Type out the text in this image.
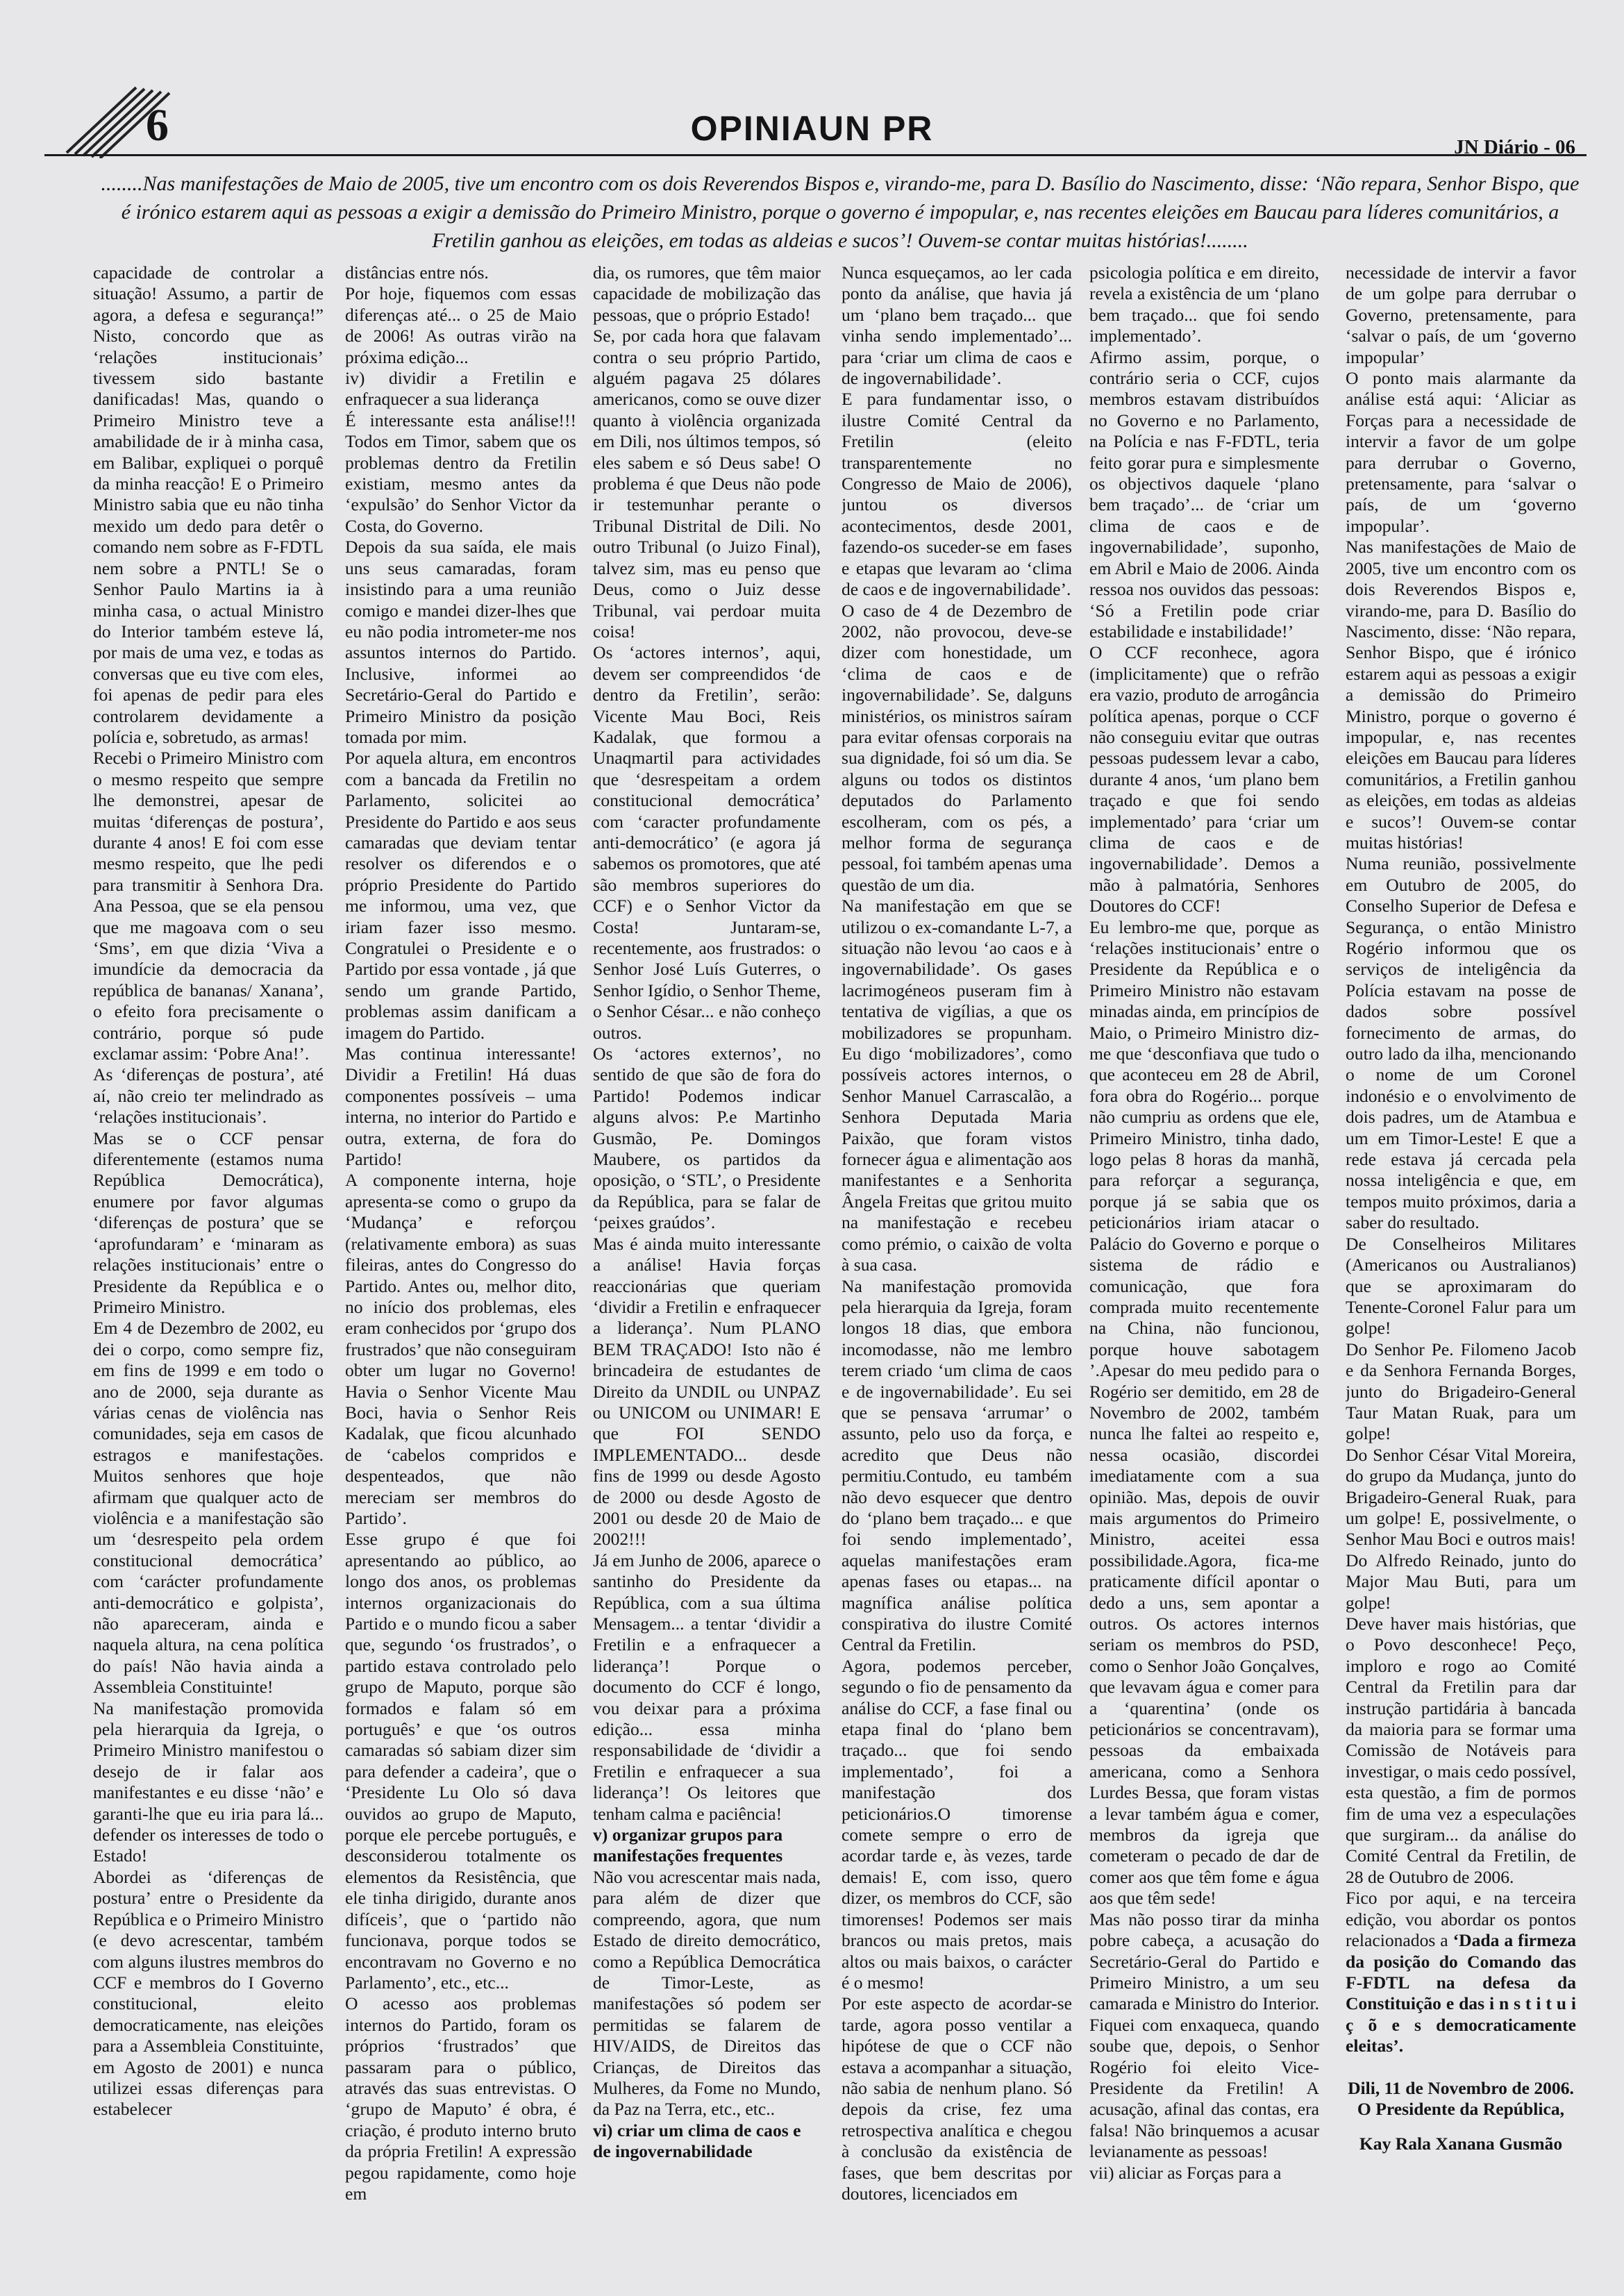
6	OPINIAUN PR	JN Diário - 06
........Nas manifestações de Maio de 2005, tive um encontro com os dois Reverendos Bispos e, virando-me, para D. Basílio do Nascimento, disse: ‘Não repara, Senhor Bispo, que é irónico estarem aqui as pessoas a exigir a demissão do Primeiro Ministro, porque o governo é impopular, e, nas recentes eleições em Baucau para líderes comunitários, a Fretilin ganhou as eleições, em todas as aldeias e sucos’! Ouvem-se contar muitas histórias!........

capacidade de controlar a situação! Assumo, a partir de agora, a defesa e segurança!” Nisto, concordo que as ‘relações institucionais’ tivessem sido bastante danificadas! Mas, quando o Primeiro Ministro teve a amabilidade de ir à minha casa, em Balibar, expliquei o porquê da minha reacção! E o Primeiro Ministro sabia que eu não tinha mexido um dedo para detêr o comando nem sobre as F-FDTL nem sobre a PNTL! Se o Senhor Paulo Martins ia à minha casa, o actual Ministro do Interior também esteve lá, por mais de uma vez, e todas as conversas que eu tive com eles, foi apenas de pedir para eles controlarem devidamente a polícia e, sobretudo, as armas!

Recebi o Primeiro Ministro com o mesmo respeito que sempre lhe demonstrei, apesar de muitas ‘diferenças de postura’, durante 4 anos! E foi com esse mesmo respeito, que lhe pedi para transmitir à Senhora Dra. Ana Pessoa, que se ela pensou que me magoava com o seu ‘Sms’, em que dizia ‘Viva a imundície da democracia da república de bananas/ Xanana’, o efeito fora precisamente o contrário, porque só pude exclamar assim: ‘Pobre Ana!’.

As ‘diferenças de postura’, até aí, não creio ter melindrado as ‘relações institucionais’.

Mas se o CCF pensar diferentemente (estamos numa República Democrática), enumere por favor algumas ‘diferenças de postura’ que se ‘aprofundaram’ e ‘minaram as relações institucionais’ entre o Presidente da República e o Primeiro Ministro.

Em 4 de Dezembro de 2002, eu dei o corpo, como sempre fiz, em fins de 1999 e em todo o ano de 2000, seja durante as várias cenas de violência nas comunidades, seja em casos de estragos e manifestações. Muitos senhores que hoje afirmam que qualquer acto de violência e a manifestação são um ‘desrespeito pela ordem constitucional democrática’ com ‘carácter profundamente anti-democrático e golpista’, não apareceram, ainda e naquela altura, na cena política do país! Não havia ainda a Assembleia Constituinte!

Na manifestação promovida pela hierarquia da Igreja, o Primeiro Ministro manifestou o desejo de ir falar aos manifestantes e eu disse ‘não’ e garanti-lhe que eu iria para lá... defender os interesses de todo o Estado!

Abordei as ‘diferenças de postura’ entre o Presidente da República e o Primeiro Ministro (e devo acrescentar, também com alguns ilustres membros do CCF e membros do I Governo constitucional, eleito democraticamente, nas eleições para a Assembleia Constituinte, em Agosto de 2001) e nunca utilizei essas diferenças para estabelecer

distâncias entre nós.

Por hoje, fiquemos com essas diferenças até... o 25 de Maio de 2006! As outras virão na próxima edição...

iv) dividir a Fretilin e enfraquecer a sua liderança

É interessante esta análise!!! Todos em Timor, sabem que os problemas dentro da Fretilin existiam, mesmo antes da ‘expulsão’ do Senhor Victor da Costa, do Governo.

Depois da sua saída, ele mais uns seus camaradas, foram insistindo para a uma reunião comigo e mandei dizer-lhes que eu não podia intrometer-me nos assuntos internos do Partido. Inclusive, informei ao Secretário-Geral do Partido e Primeiro Ministro da posição tomada por mim.

Por aquela altura, em encontros com a bancada da Fretilin no Parlamento, solicitei ao Presidente do Partido e aos seus camaradas que deviam tentar resolver os diferendos e o próprio Presidente do Partido me informou, uma vez, que iriam fazer isso mesmo. Congratulei o Presidente e o Partido por essa vontade , já que sendo um grande Partido, problemas assim danificam a imagem do Partido.

Mas continua interessante! Dividir a Fretilin! Há duas componentes possíveis – uma interna, no interior do Partido e outra, externa, de fora do Partido!

A componente interna, hoje apresenta-se como o grupo da ‘Mudança’ e reforçou (relativamente embora) as suas fileiras, antes do Congresso do Partido. Antes ou, melhor dito, no início dos problemas, eles eram conhecidos por ‘grupo dos frustrados’ que não conseguiram obter um lugar no Governo! Havia o Senhor Vicente Mau Boci, havia o Senhor Reis Kadalak, que ficou alcunhado de ‘cabelos compridos e despenteados, que não mereciam ser membros do Partido’.

Esse grupo é que foi apresentando ao público, ao longo dos anos, os problemas internos organizacionais do Partido e o mundo ficou a saber que, segundo ‘os frustrados’, o partido estava controlado pelo grupo de Maputo, porque são formados e falam só em português’ e que ‘os outros camaradas só sabiam dizer sim para defender a cadeira’, que o ‘Presidente Lu Olo só dava ouvidos ao grupo de Maputo, porque ele percebe português, e desconsiderou totalmente os elementos da Resistência, que ele tinha dirigido, durante anos difíceis’, que o ‘partido não funcionava, porque todos se encontravam no Governo e no Parlamento’, etc., etc...

O acesso aos problemas internos do Partido, foram os próprios ‘frustrados’ que passaram para o público, através das suas entrevistas. O ‘grupo de Maputo’ é obra, é criação, é produto interno bruto da própria Fretilin! A expressão pegou rapidamente, como hoje em

dia, os rumores, que têm maior capacidade de mobilização das pessoas, que o próprio Estado!

Se, por cada hora que falavam contra o seu próprio Partido, alguém pagava 25 dólares americanos, como se ouve dizer quanto à violência organizada em Dili, nos últimos tempos, só eles sabem e só Deus sabe! O problema é que Deus não pode ir testemunhar perante o Tribunal Distrital de Dili. No outro Tribunal (o Juizo Final), talvez sim, mas eu penso que Deus, como o Juiz desse Tribunal, vai perdoar muita coisa!

Os ‘actores internos’, aqui, devem ser compreendidos ‘de dentro da Fretilin’, serão: Vicente Mau Boci, Reis Kadalak, que formou a Unaqmartil para actividades que ‘desrespeitam a ordem constitucional democrática’ com ‘caracter profundamente anti-democrático’ (e agora já sabemos os promotores, que até são membros superiores do CCF) e o Senhor Victor da Costa! Juntaram-se, recentemente, aos frustrados: o Senhor José Luís Guterres, o Senhor Igídio, o Senhor Theme, o Senhor César... e não conheço outros.

Os ‘actores externos’, no sentido de que são de fora do Partido! Podemos indicar alguns alvos: P.e Martinho Gusmão, Pe. Domingos Maubere, os partidos da oposição, o ‘STL’, o Presidente da República, para se falar de ‘peixes graúdos’.

Mas é ainda muito interessante a análise! Havia forças reaccionárias que queriam ‘dividir a Fretilin e enfraquecer a liderança’. Num PLANO BEM TRAÇADO! Isto não é brincadeira de estudantes de Direito da UNDIL ou UNPAZ ou UNICOM ou UNIMAR! E que FOI SENDO IMPLEMENTADO... desde fins de 1999 ou desde Agosto de 2000 ou desde Agosto de 2001 ou desde 20 de Maio de 2002!!!

Já em Junho de 2006, aparece o santinho do Presidente da República, com a sua última Mensagem... a tentar ‘dividir a Fretilin e a enfraquecer a liderança’! Porque o documento do CCF é longo, vou deixar para a próxima edição... essa minha responsabilidade de ‘dividir a Fretilin e enfraquecer a sua liderança’! Os leitores que tenham calma e paciência!

v) organizar grupos para manifestações frequentes

Não vou acrescentar mais nada, para além de dizer que compreendo, agora, que num Estado de direito democrático, como a República Democrática de Timor-Leste, as manifestações só podem ser permitidas se falarem de HIV/AIDS, de Direitos das Crianças, de Direitos das Mulheres, da Fome no Mundo, da Paz na Terra, etc., etc..

vi) criar um clima de caos e de ingovernabilidade

Nunca esqueçamos, ao ler cada ponto da análise, que havia já um ‘plano bem traçado... que vinha sendo implementado’... para ‘criar um clima de caos e de ingovernabilidade’.

E para fundamentar isso, o ilustre Comité Central da Fretilin (eleito transparentemente no Congresso de Maio de 2006), juntou os diversos acontecimentos, desde 2001, fazendo-os suceder-se em fases e etapas que levaram ao ‘clima de caos e de ingovernabilidade’.

O caso de 4 de Dezembro de 2002, não provocou, deve-se dizer com honestidade, um ‘clima de caos e de ingovernabilidade’. Se, dalguns ministérios, os ministros saíram para evitar ofensas corporais na sua dignidade, foi só um dia. Se alguns ou todos os distintos deputados do Parlamento escolheram, com os pés, a melhor forma de segurança pessoal, foi também apenas uma questão de um dia.

Na manifestação em que se utilizou o ex-comandante L-7, a situação não levou ‘ao caos e à ingovernabilidade’. Os gases lacrimogéneos puseram fim à tentativa de vigílias, a que os mobilizadores se propunham. Eu digo ‘mobilizadores’, como possíveis actores internos, o Senhor Manuel Carrascalão, a Senhora Deputada Maria Paixão, que foram vistos fornecer água e alimentação aos manifestantes e a Senhorita Ângela Freitas que gritou muito na manifestação e recebeu como prémio, o caixão de volta à sua casa.

Na manifestação promovida pela hierarquia da Igreja, foram longos 18 dias, que embora incomodasse, não me lembro terem criado ‘um clima de caos e de ingovernabilidade’. Eu sei que se pensava ‘arrumar’ o assunto, pelo uso da força, e acredito que Deus não permitiu.Contudo, eu também não devo esquecer que dentro do ‘plano bem traçado... e que foi sendo implementado’, aquelas manifestações eram apenas fases ou etapas... na magnífica análise política conspirativa do ilustre Comité Central da Fretilin.

Agora, podemos perceber, segundo o fio de pensamento da análise do CCF, a fase final ou etapa final do ‘plano bem traçado... que foi sendo implementado’, foi a manifestação dos peticionários.O timorense comete sempre o erro de acordar tarde e, às vezes, tarde demais! E, com isso, quero dizer, os membros do CCF, são timorenses! Podemos ser mais brancos ou mais pretos, mais altos ou mais baixos, o carácter é o mesmo!

Por este aspecto de acordar-se tarde, agora posso ventilar a hipótese de que o CCF não estava a acompanhar a situação, não sabia de nenhum plano. Só depois da crise, fez uma retrospectiva analítica e chegou à conclusão da existência de fases, que bem descritas por doutores, licenciados em

psicologia política e em direito, revela a existência de um ‘plano bem traçado... que foi sendo implementado’.

Afirmo assim, porque, o contrário seria o CCF, cujos membros estavam distribuídos no Governo e no Parlamento, na Polícia e nas F-FDTL, teria feito gorar pura e simplesmente os objectivos daquele ‘plano bem traçado’... de ‘criar um clima de caos e de ingovernabilidade’, suponho, em Abril e Maio de 2006. Ainda ressoa nos ouvidos das pessoas: ‘Só a Fretilin pode criar estabilidade e instabilidade!’

O CCF reconhece, agora (implicitamente) que o refrão era vazio, produto de arrogância política apenas, porque o CCF não conseguiu evitar que outras pessoas pudessem levar a cabo, durante 4 anos, ‘um plano bem traçado e que foi sendo implementado’ para ‘criar um clima de caos e de ingovernabilidade’. Demos a mão à palmatória, Senhores Doutores do CCF!

Eu lembro-me que, porque as ‘relações institucionais’ entre o Presidente da República e o Primeiro Ministro não estavam minadas ainda, em princípios de Maio, o Primeiro Ministro diz-me que ‘desconfiava que tudo o que aconteceu em 28 de Abril, fora obra do Rogério... porque não cumpriu as ordens que ele, Primeiro Ministro, tinha dado, logo pelas 8 horas da manhã, para reforçar a segurança, porque já se sabia que os peticionários iriam atacar o Palácio do Governo e porque o sistema de rádio e comunicação, que fora comprada muito recentemente na China, não funcionou, porque houve sabotagem ’.Apesar do meu pedido para o Rogério ser demitido, em 28 de Novembro de 2002, também nunca lhe faltei ao respeito e, nessa ocasião, discordei imediatamente com a sua opinião. Mas, depois de ouvir mais argumentos do Primeiro Ministro, aceitei essa possibilidade.Agora, fica-me praticamente difícil apontar o dedo a uns, sem apontar a outros. Os actores internos seriam os membros do PSD, como o Senhor João Gonçalves, que levavam água e comer para a ‘quarentina’ (onde os peticionários se concentravam), pessoas da embaixada americana, como a Senhora Lurdes Bessa, que foram vistas a levar também água e comer, membros da igreja que cometeram o pecado de dar de comer aos que têm fome e água aos que têm sede!

Mas não posso tirar da minha pobre cabeça, a acusação do Secretário-Geral do Partido e Primeiro Ministro, a um seu camarada e Ministro do Interior. Fiquei com enxaqueca, quando soube que, depois, o Senhor Rogério foi eleito Vice-Presidente da Fretilin! A acusação, afinal das contas, era falsa! Não brinquemos a acusar levianamente as pessoas!

vii) aliciar as Forças para a

necessidade de intervir a favor de um golpe para derrubar o Governo, pretensamente, para ‘salvar o país, de um ‘governo impopular’

O ponto mais alarmante da análise está aqui: ‘Aliciar as Forças para a necessidade de intervir a favor de um golpe para derrubar o Governo, pretensamente, para ‘salvar o país, de um ‘governo impopular’.

Nas manifestações de Maio de 2005, tive um encontro com os dois Reverendos Bispos e, virando-me, para D. Basílio do Nascimento, disse: ‘Não repara, Senhor Bispo, que é irónico estarem aqui as pessoas a exigir a demissão do Primeiro Ministro, porque o governo é impopular, e, nas recentes eleições em Baucau para líderes comunitários, a Fretilin ganhou as eleições, em todas as aldeias e sucos’! Ouvem-se contar muitas histórias!

Numa reunião, possivelmente em Outubro de 2005, do Conselho Superior de Defesa e Segurança, o então Ministro Rogério informou que os serviços de inteligência da Polícia estavam na posse de dados sobre possível fornecimento de armas, do outro lado da ilha, mencionando o nome de um Coronel indonésio e o envolvimento de dois padres, um de Atambua e um em Timor-Leste! E que a rede estava já cercada pela nossa inteligência e que, em tempos muito próximos, daria a saber do resultado.

De Conselheiros Militares (Americanos ou Australianos) que se aproximaram do Tenente-Coronel Falur para um golpe!

Do Senhor Pe. Filomeno Jacob e da Senhora Fernanda Borges, junto do Brigadeiro-General Taur Matan Ruak, para um golpe!

Do Senhor César Vital Moreira, do grupo da Mudança, junto do Brigadeiro-General Ruak, para um golpe! E, possivelmente, o Senhor Mau Boci e outros mais!

Do Alfredo Reinado, junto do Major Mau Buti, para um golpe!

Deve haver mais histórias, que o Povo desconhece! Peço, imploro e rogo ao Comité Central da Fretilin para dar instrução partidária à bancada da maioria para se formar uma Comissão de Notáveis para investigar, o mais cedo possível, esta questão, a fim de pormos fim de uma vez a especulações que surgiram... da análise do Comité Central da Fretilin, de 28 de Outubro de 2006.

Fico por aqui, e na terceira edição, vou abordar os pontos relacionados a ‘Dada a firmeza da posição do Comando das F-FDTL na defesa da Constituição e das i n s t i t u i ç õ e s democraticamente eleitas’.

Dili, 11 de Novembro de 2006.

O Presidente da República,

Kay Rala Xanana Gusmão
